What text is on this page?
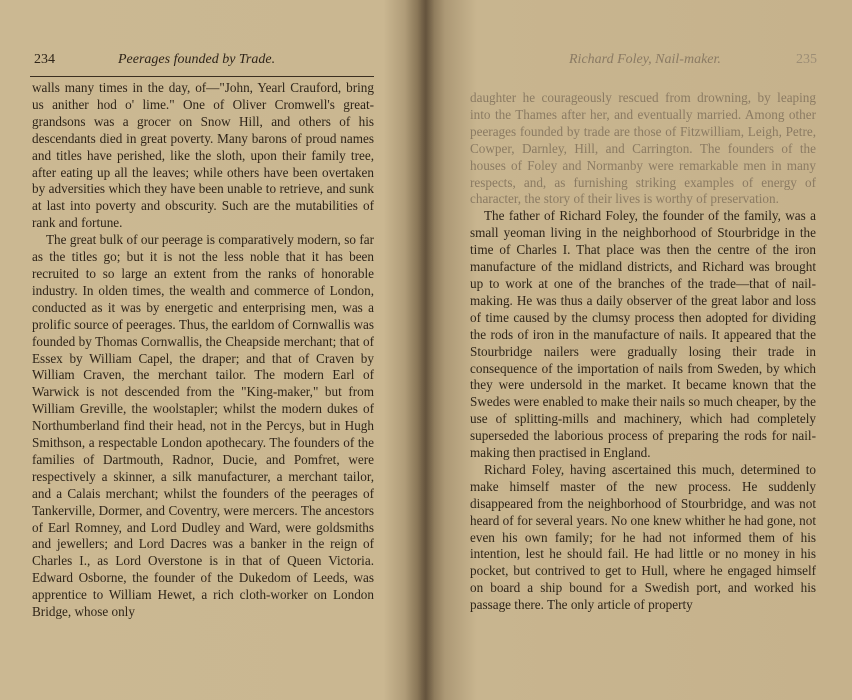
234	Peerages founded by Trade.

walls many times in the day, of—"John, Yearl Crauford, bring us anither hod o' lime." One of Oliver Cromwell's great-grandsons was a grocer on Snow Hill, and others of his descendants died in great poverty. Many barons of proud names and titles have perished, like the sloth, upon their family tree, after eating up all the leaves; while others have been overtaken by adversities which they have been unable to retrieve, and sunk at last into poverty and obscurity. Such are the mutabilities of rank and fortune.

The great bulk of our peerage is comparatively modern, so far as the titles go; but it is not the less noble that it has been recruited to so large an extent from the ranks of honorable industry. In olden times, the wealth and commerce of London, conducted as it was by energetic and enterprising men, was a prolific source of peerages. Thus, the earldom of Cornwallis was founded by Thomas Cornwallis, the Cheapside merchant; that of Essex by William Capel, the draper; and that of Craven by William Craven, the merchant tailor. The modern Earl of Warwick is not descended from the "King-maker," but from William Greville, the woolstapler; whilst the modern dukes of Northumberland find their head, not in the Percys, but in Hugh Smithson, a respectable London apothecary. The founders of the families of Dartmouth, Radnor, Ducie, and Pomfret, were respectively a skinner, a silk manufacturer, a merchant tailor, and a Calais merchant; whilst the founders of the peerages of Tankerville, Dormer, and Coventry, were mercers. The ancestors of Earl Romney, and Lord Dudley and Ward, were goldsmiths and jewellers; and Lord Dacres was a banker in the reign of Charles I., as Lord Overstone is in that of Queen Victoria. Edward Osborne, the founder of the Dukedom of Leeds, was apprentice to William Hewet, a rich cloth-worker on London Bridge, whose only

Richard Foley, Nail-maker.	235

daughter he courageously rescued from drowning, by leaping into the Thames after her, and eventually married. Among other peerages founded by trade are those of Fitzwilliam, Leigh, Petre, Cowper, Darnley, Hill, and Carrington. The founders of the houses of Foley and Normanby were remarkable men in many respects, and, as furnishing striking examples of energy of character, the story of their lives is worthy of preservation.

The father of Richard Foley, the founder of the family, was a small yeoman living in the neighborhood of Stourbridge in the time of Charles I. That place was then the centre of the iron manufacture of the midland districts, and Richard was brought up to work at one of the branches of the trade—that of nail-making. He was thus a daily observer of the great labor and loss of time caused by the clumsy process then adopted for dividing the rods of iron in the manufacture of nails. It appeared that the Stourbridge nailers were gradually losing their trade in consequence of the importation of nails from Sweden, by which they were undersold in the market. It became known that the Swedes were enabled to make their nails so much cheaper, by the use of splitting-mills and machinery, which had completely superseded the laborious process of preparing the rods for nail-making then practised in England.

Richard Foley, having ascertained this much, determined to make himself master of the new process. He suddenly disappeared from the neighborhood of Stourbridge, and was not heard of for several years. No one knew whither he had gone, not even his own family; for he had not informed them of his intention, lest he should fail. He had little or no money in his pocket, but contrived to get to Hull, where he engaged himself on board a ship bound for a Swedish port, and worked his passage there. The only article of property
